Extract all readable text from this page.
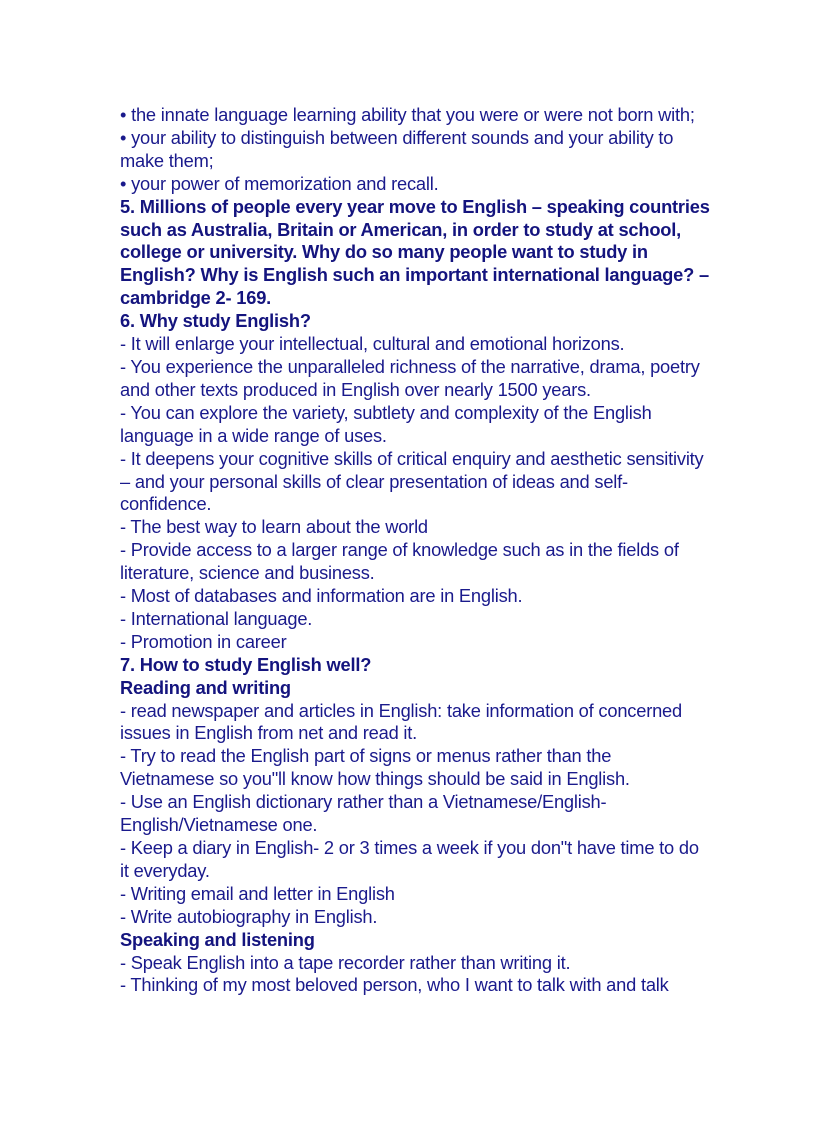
• the innate language learning ability that you were or were not born with;

• your ability to distinguish between different sounds and your ability to make them;

• your power of memorization and recall.

5. Millions of people every year move to English – speaking countries such as Australia, Britain or American, in order to study at school, college or university. Why do so many people want to study in English? Why is English such an important international language? – cambridge 2- 169.

6. Why study English?

- It will enlarge your intellectual, cultural and emotional horizons.

- You experience the unparalleled richness of the narrative, drama, poetry and other texts produced in English over nearly 1500 years.

- You can explore the variety, subtlety and complexity of the English language in a wide range of uses.

- It deepens your cognitive skills of critical enquiry and aesthetic sensitivity – and your personal skills of clear presentation of ideas and self-confidence.

- The best way to learn about the world

- Provide access to a larger range of knowledge such as in the fields of literature, science and business.

- Most of databases and information are in English.

- International language.

- Promotion in career

7. How to study English well?

Reading and writing

- read newspaper and articles in English: take information of concerned issues in English from net and read it.

- Try to read the English part of signs or menus rather than the Vietnamese so you"ll know how things should be said in English.

- Use an English dictionary rather than a Vietnamese/English-English/Vietnamese one.

- Keep a diary in English- 2 or 3 times a week if you don"t have time to do it everyday.

- Writing email and letter in English

- Write autobiography in English.

Speaking and listening

- Speak English into a tape recorder rather than writing it.

- Thinking of my most beloved person, who I want to talk with and talk
